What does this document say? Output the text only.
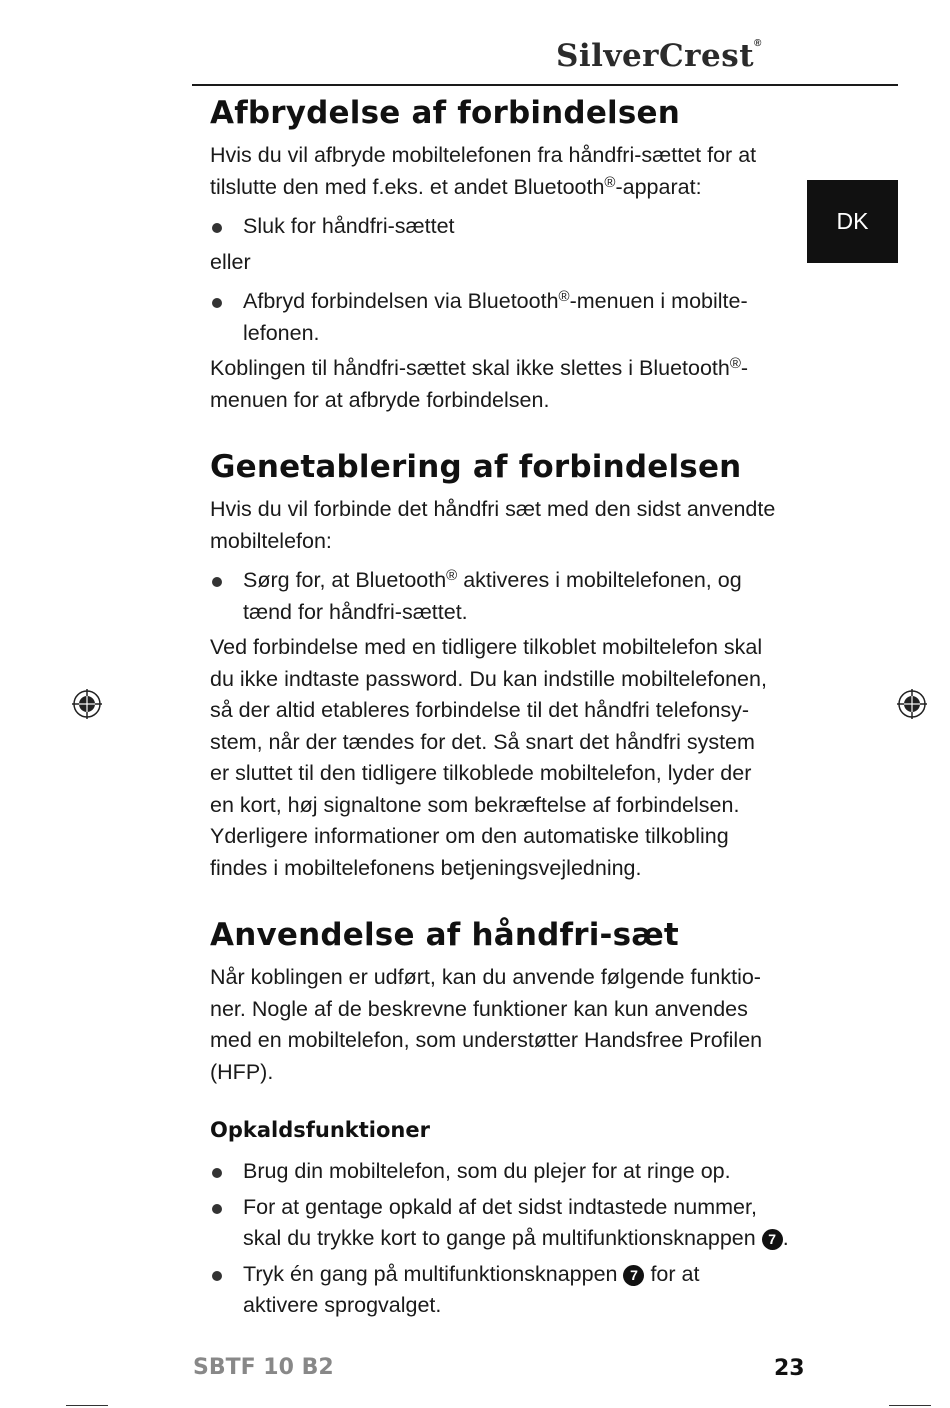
SilverCrest®
DK
Afbrydelse af forbindelsen

Hvis du vil afbryde mobiltelefonen fra håndfri-sættet for at
tilslutte den med f.eks. et andet Bluetooth®-apparat:

Sluk for håndfri-sættet

eller

Afbryd forbindelsen via Bluetooth®-menuen i mobilte-
lefonen.

Koblingen til håndfri-sættet skal ikke slettes i Bluetooth®-
menuen for at afbryde forbindelsen.

Genetablering af forbindelsen

Hvis du vil forbinde det håndfri sæt med den sidst anvendte
mobiltelefon:

Sørg for, at Bluetooth® aktiveres i mobiltelefonen, og
tænd for håndfri-sættet.

Ved forbindelse med en tidligere tilkoblet mobiltelefon skal
du ikke indtaste password. Du kan indstille mobiltelefonen,
så der altid etableres forbindelse til det håndfri telefonsy-
stem, når der tændes for det. Så snart det håndfri system
er sluttet til den tidligere tilkoblede mobiltelefon, lyder der
en kort, høj signaltone som bekræftelse af forbindelsen.
Yderligere informationer om den automatiske tilkobling
findes i mobiltelefonens betjeningsvejledning.

Anvendelse af håndfri-sæt

Når koblingen er udført, kan du anvende følgende funktio-
ner. Nogle af de beskrevne funktioner kan kun anvendes
med en mobiltelefon, som understøtter Handsfree Profilen
(HFP).

Opkaldsfunktioner
Brug din mobiltelefon, som du plejer for at ringe op.
For at gentage opkald af det sidst indtastede nummer,
skal du trykke kort to gange på multifunktionsknappen 7 .
Tryk én gang på multifunktionsknappen 7 for at
aktivere sprogvalget.
SBTF 10 B2	23
